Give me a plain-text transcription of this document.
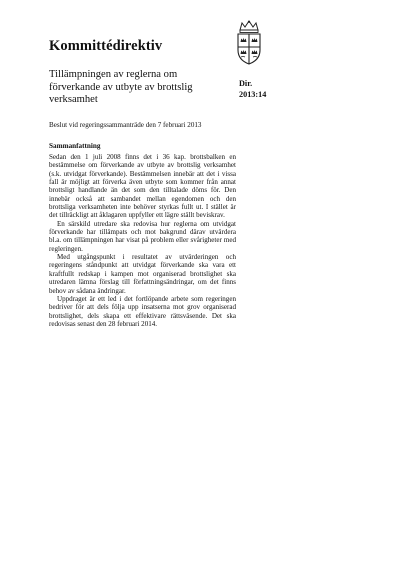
Kommittédirektiv
Tillämpningen av reglerna om förverkande av utbyte av brottslig verksamhet
Dir.
2013:14
Beslut vid regeringssammanträde den 7 februari 2013
Sammanfattning

Sedan den 1 juli 2008 finns det i 36 kap. brottsbalken en bestämmelse om förverkande av utbyte av brottslig verksamhet (s.k. utvidgat förverkande). Bestämmelsen innebär att det i vissa fall är möjligt att förverka även utbyte som kommer från annat brottsligt handlande än det som den tilltalade döms för. Den innebär också att sambandet mellan egendomen och den brottsliga verksamheten inte behöver styrkas fullt ut. I stället är det tillräckligt att åklagaren uppfyller ett lägre ställt beviskrav.

En särskild utredare ska redovisa hur reglerna om utvidgat förverkande har tillämpats och mot bakgrund därav utvärdera bl.a. om tillämpningen har visat på problem eller svårigheter med regleringen.

Med utgångspunkt i resultatet av utvärderingen och regeringens ståndpunkt att utvidgat förverkande ska vara ett kraftfullt redskap i kampen mot organiserad brottslighet ska utredaren lämna förslag till författningsändringar, om det finns behov av sådana ändringar.

Uppdraget är ett led i det fortlöpande arbete som regeringen bedriver för att dels följa upp insatserna mot grov organiserad brottslighet, dels skapa ett effektivare rättsväsende. Det ska redovisas senast den 28 februari 2014.
